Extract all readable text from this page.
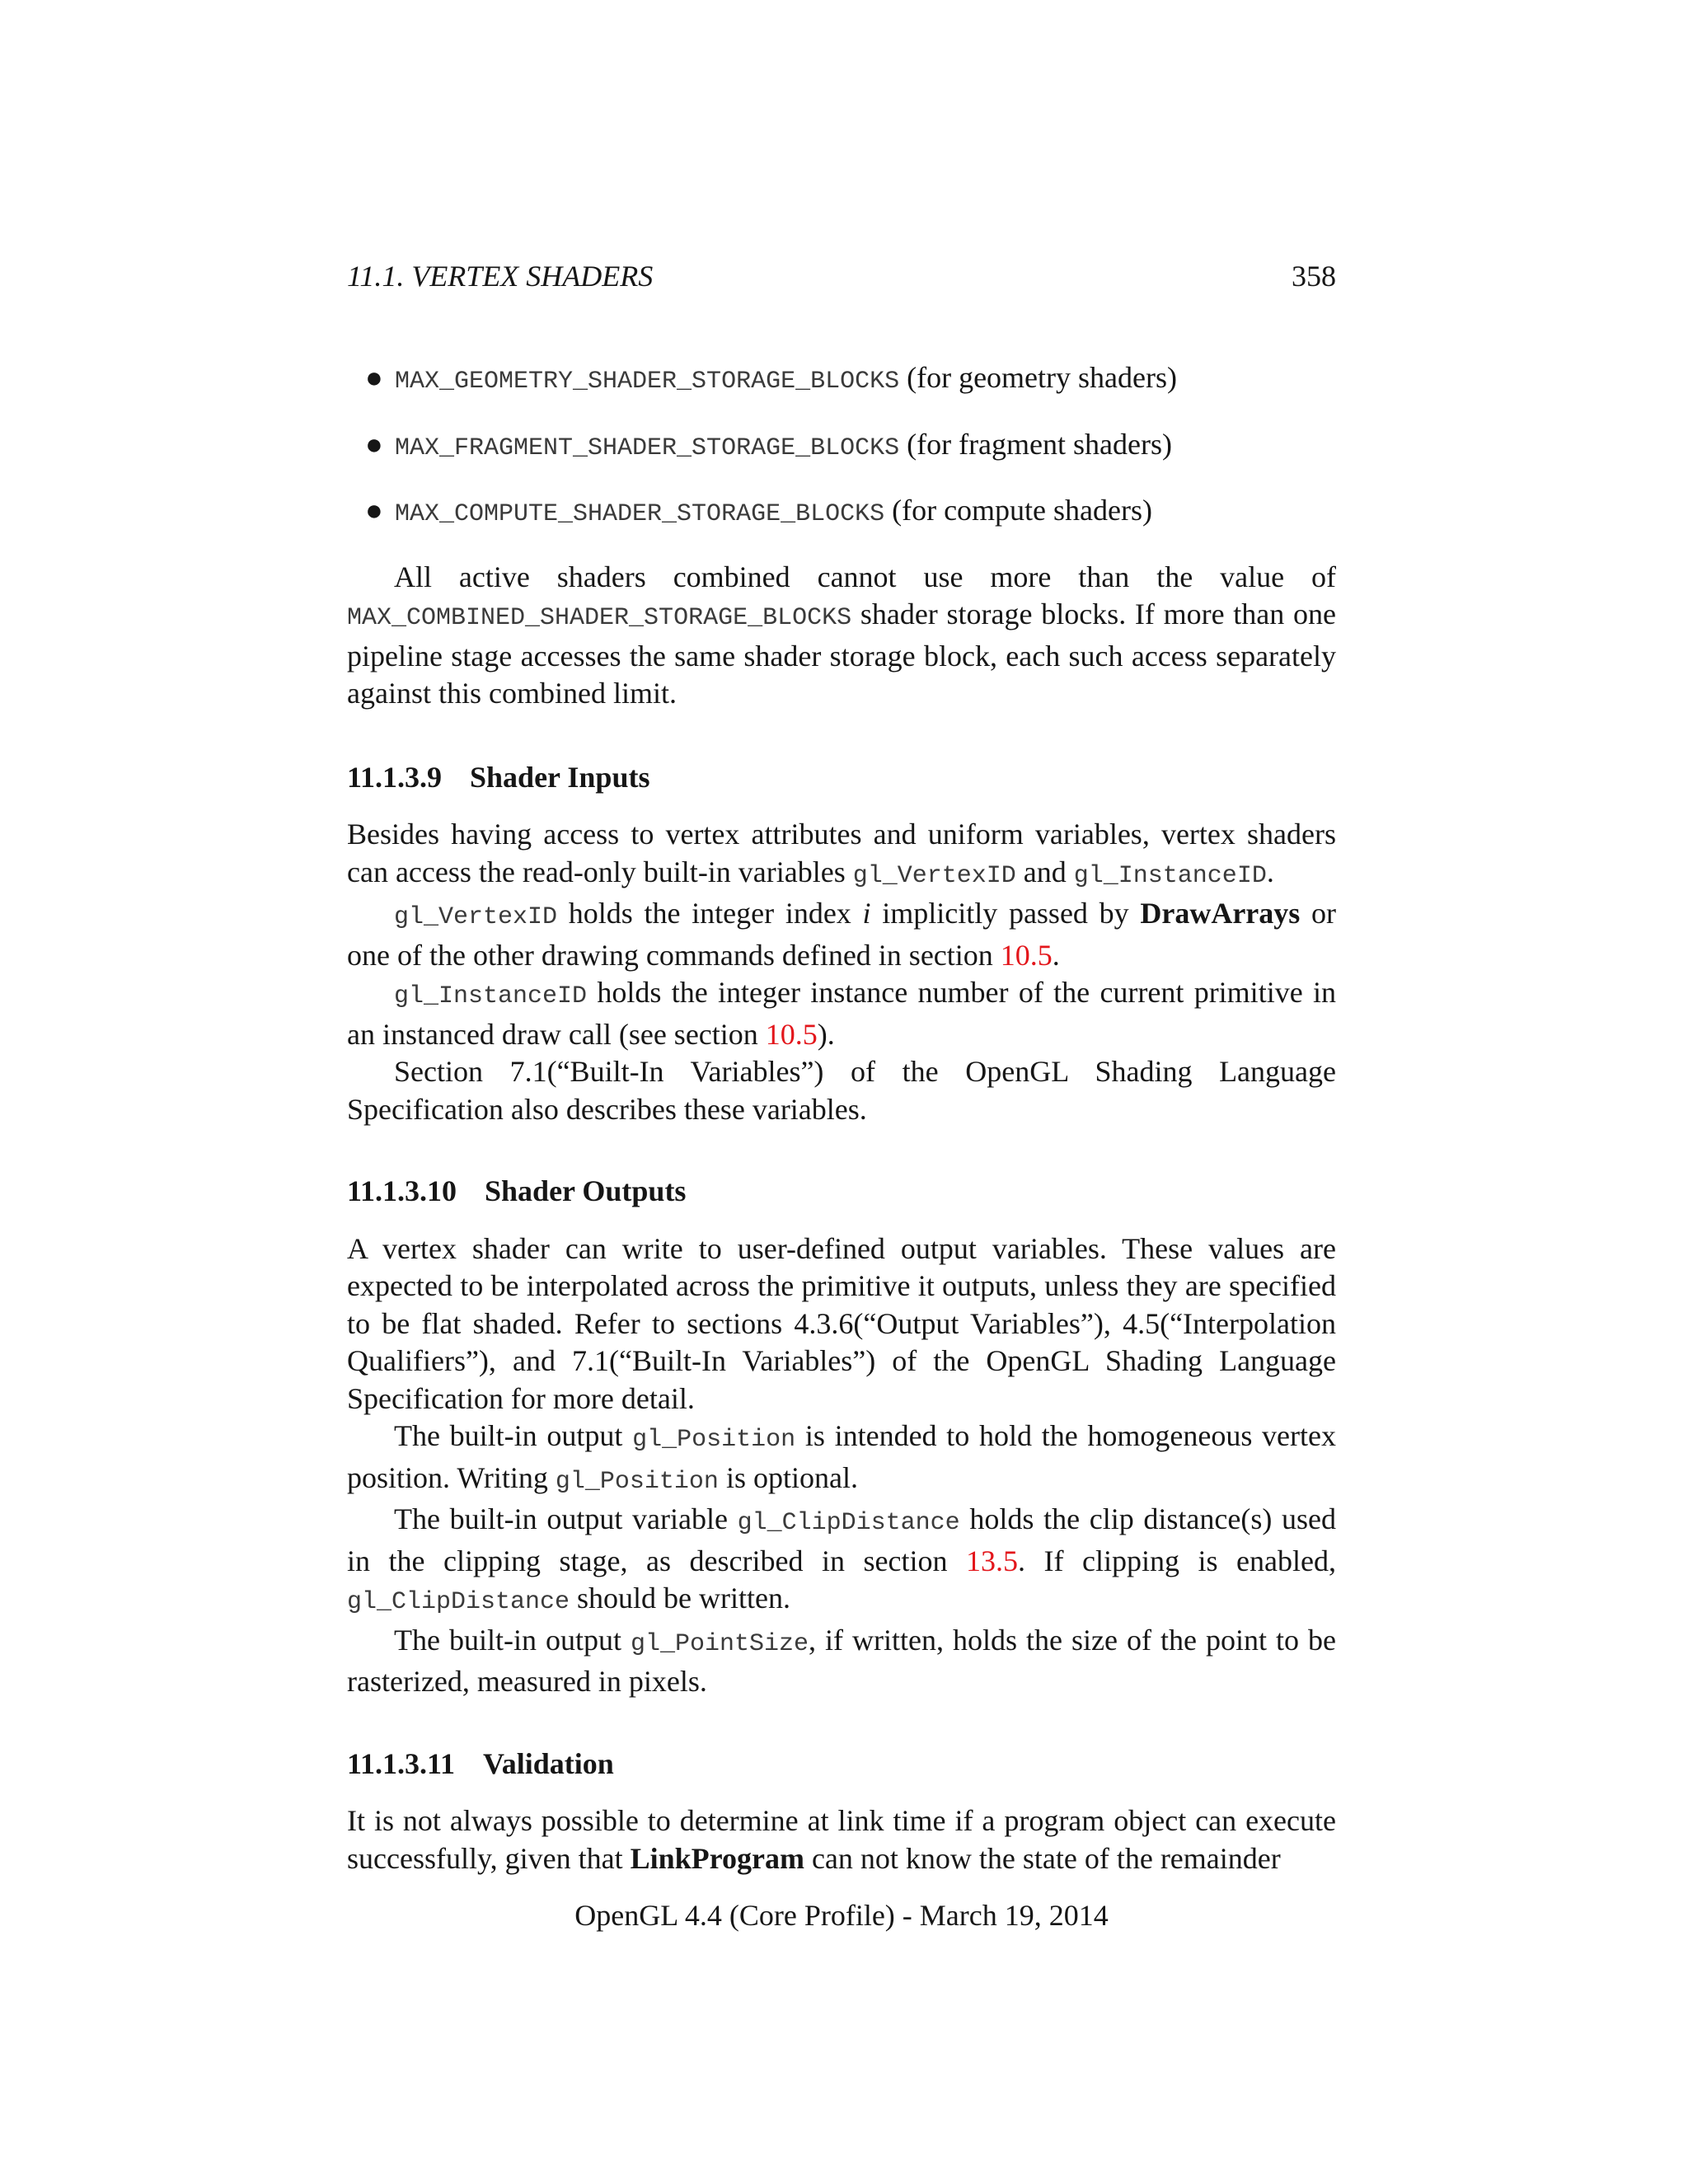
11.1. VERTEX SHADERS	358
● MAX_GEOMETRY_SHADER_STORAGE_BLOCKS (for geometry shaders)
● MAX_FRAGMENT_SHADER_STORAGE_BLOCKS (for fragment shaders)
● MAX_COMPUTE_SHADER_STORAGE_BLOCKS (for compute shaders)

All active shaders combined cannot use more than the value of MAX_COMBINED_SHADER_STORAGE_BLOCKS shader storage blocks. If more than one pipeline stage accesses the same shader storage block, each such access separately against this combined limit.

11.1.3.9 Shader Inputs

Besides having access to vertex attributes and uniform variables, vertex shaders can access the read-only built-in variables gl_VertexID and gl_InstanceID.

gl_VertexID holds the integer index i implicitly passed by DrawArrays or one of the other drawing commands defined in section 10.5.

gl_InstanceID holds the integer instance number of the current primitive in an instanced draw call (see section 10.5).

Section 7.1(“Built-In Variables”) of the OpenGL Shading Language Specification also describes these variables.

11.1.3.10 Shader Outputs

A vertex shader can write to user-defined output variables. These values are expected to be interpolated across the primitive it outputs, unless they are specified to be flat shaded. Refer to sections 4.3.6(“Output Variables”), 4.5(“Interpolation Qualifiers”), and 7.1(“Built-In Variables”) of the OpenGL Shading Language Specification for more detail.

The built-in output gl_Position is intended to hold the homogeneous vertex position. Writing gl_Position is optional.

The built-in output variable gl_ClipDistance holds the clip distance(s) used in the clipping stage, as described in section 13.5. If clipping is enabled, gl_ClipDistance should be written.

The built-in output gl_PointSize, if written, holds the size of the point to be rasterized, measured in pixels.

11.1.3.11 Validation

It is not always possible to determine at link time if a program object can execute successfully, given that LinkProgram can not know the state of the remainder

OpenGL 4.4 (Core Profile) - March 19, 2014
